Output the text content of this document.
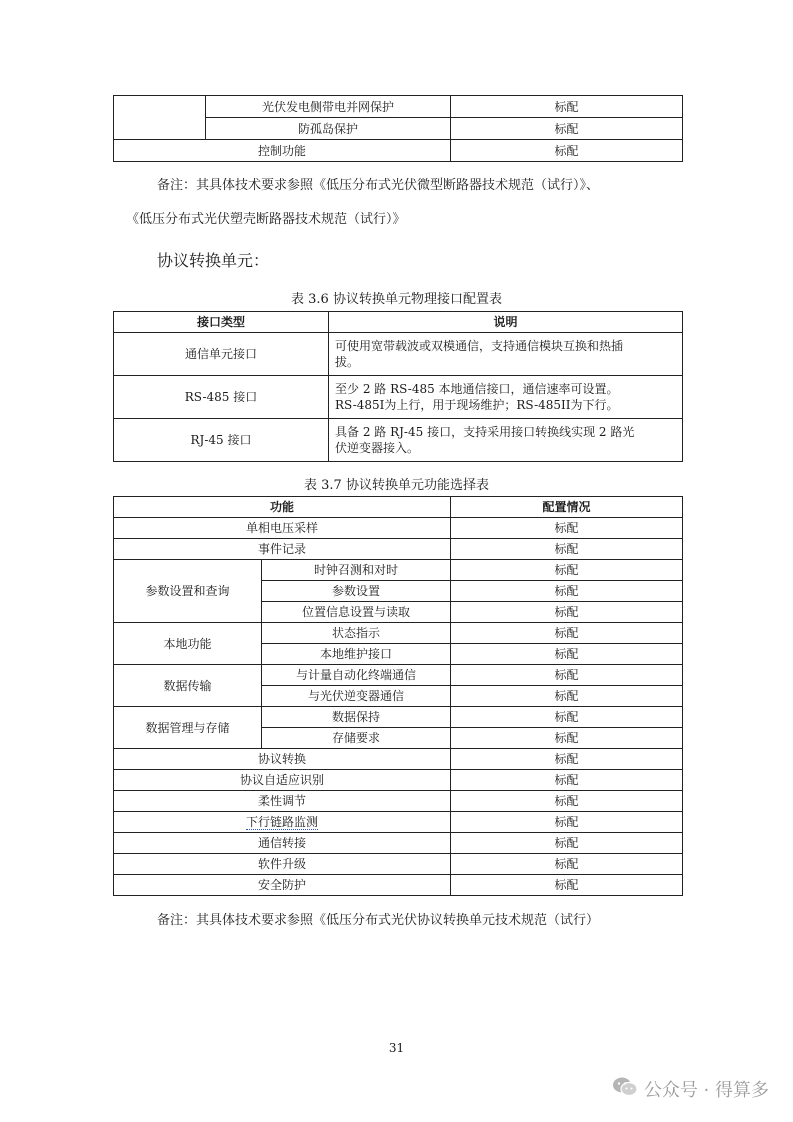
	光伏发电侧带电并网保护	标配
	防孤岛保护	标配
控制功能		标配
备注：其具体技术要求参照《低压分布式光伏微型断路器技术规范（试行）》、
《低压分布式光伏塑壳断路器技术规范（试行）》
协议转换单元：
表 3.6 协议转换单元物理接口配置表
接口类型	说明
通信单元接口	可使用宽带载波或双模通信，支持通信模块互换和热插
拔。

RS-485 接口	至少 2 路 RS-485 本地通信接口，通信速率可设置。
RS-485I为上行，用于现场维护；RS-485II为下行。

RJ-45 接口	具备 2 路 RJ-45 接口，支持采用接口转换线实现 2 路光
伏逆变器接入。
表 3.7 协议转换单元功能选择表
功能		配置情况
单相电压采样		标配
事件记录		标配
参数设置和查询	时钟召测和对时	标配
	参数设置	标配
	位置信息设置与读取	标配
本地功能	状态指示	标配
	本地维护接口	标配
数据传输	与计量自动化终端通信	标配
	与光伏逆变器通信	标配
数据管理与存储	数据保持	标配
	存储要求	标配
协议转换		标配
协议自适应识别		标配
柔性调节		标配
下行链路监测		标配
通信转接		标配
软件升级		标配
安全防护		标配
备注：其具体技术要求参照《低压分布式光伏协议转换单元技术规范（试行）
31
公众号 · 得算多
